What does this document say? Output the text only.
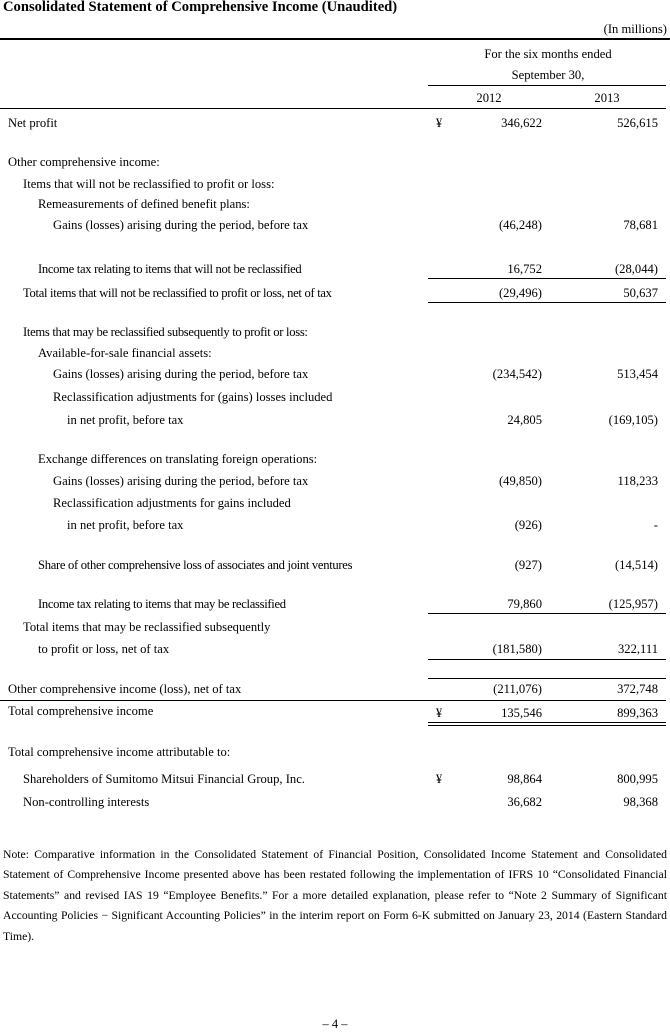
Consolidated Statement of Comprehensive Income (Unaudited)
(In millions)
For the six months ended
September 30,
2012	2013
Net profit	¥	346,622	526,615
Other comprehensive income:
Items that will not be reclassified to profit or loss:
Remeasurements of defined benefit plans:
Gains (losses) arising during the period, before tax	(46,248)	78,681
Income tax relating to items that will not be reclassified	16,752	(28,044)
Total items that will not be reclassified to profit or loss, net of tax	(29,496)	50,637
Items that may be reclassified subsequently to profit or loss:
Available-for-sale financial assets:
Gains (losses) arising during the period, before tax	(234,542)	513,454
Reclassification adjustments for (gains) losses included
in net profit, before tax	24,805	(169,105)
Exchange differences on translating foreign operations:
Gains (losses) arising during the period, before tax	(49,850)	118,233
Reclassification adjustments for gains included
in net profit, before tax	(926)	-
Share of other comprehensive loss of associates and joint ventures	(927)	(14,514)
Income tax relating to items that may be reclassified	79,860	(125,957)
Total items that may be reclassified subsequently
to profit or loss, net of tax	(181,580)	322,111
Other comprehensive income (loss), net of tax	(211,076)	372,748
Total comprehensive income	¥	135,546	899,363
Total comprehensive income attributable to:
Shareholders of Sumitomo Mitsui Financial Group, Inc.	¥	98,864	800,995
Non-controlling interests	36,682	98,368
Note: Comparative information in the Consolidated Statement of Financial Position, Consolidated Income Statement and Consolidated Statement of Comprehensive Income presented above has been restated following the implementation of IFRS 10 “Consolidated Financial Statements” and revised IAS 19 “Employee Benefits.” For a more detailed explanation, please refer to “Note 2 Summary of Significant Accounting Policies − Significant Accounting Policies” in the interim report on Form 6-K submitted on January 23, 2014 (Eastern Standard Time).
– 4 –
